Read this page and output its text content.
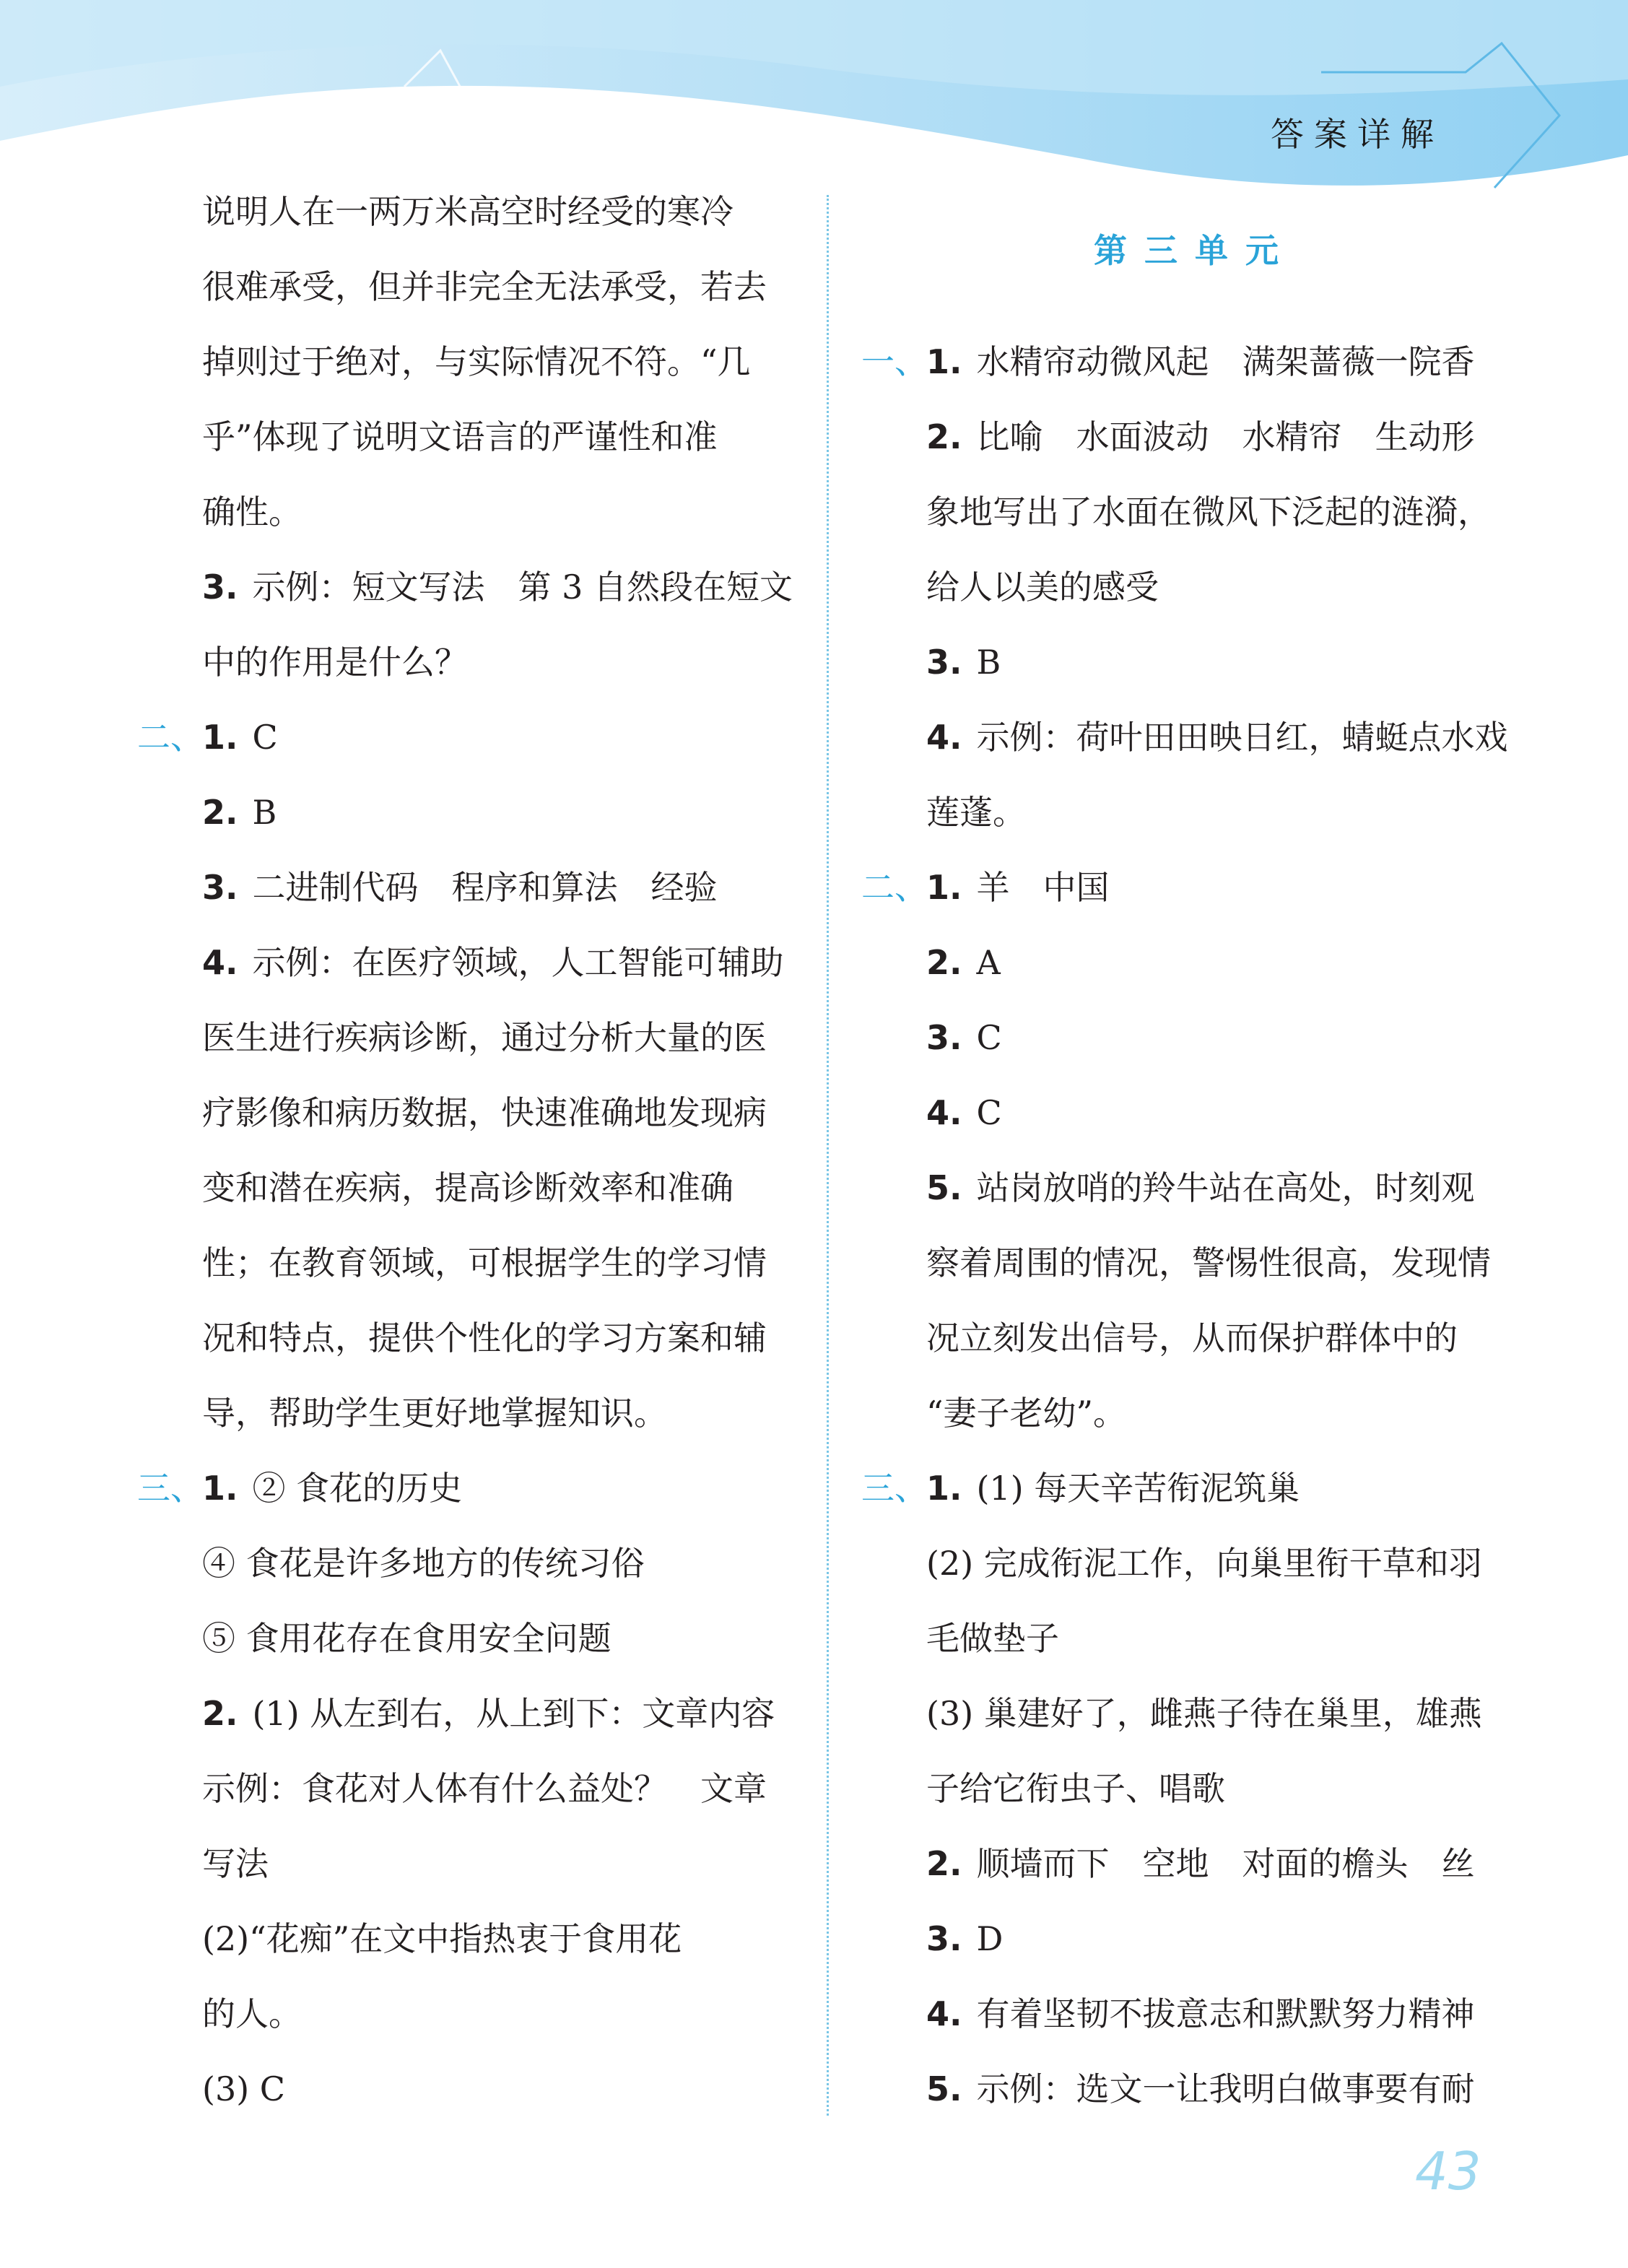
答案详解
说明人在一两万米高空时经受的寒冷
很难承受，但并非完全无法承受，若去
掉则过于绝对，与实际情况不符。“几
乎”体现了说明文语言的严谨性和准
确性。
3. 示例：短文写法　第 3 自然段在短文
中的作用是什么？
二、
1. C
2. B
3. 二进制代码　程序和算法　经验
4. 示例：在医疗领域，人工智能可辅助
医生进行疾病诊断，通过分析大量的医
疗影像和病历数据，快速准确地发现病
变和潜在疾病，提高诊断效率和准确
性；在教育领域，可根据学生的学习情
况和特点，提供个性化的学习方案和辅
导，帮助学生更好地掌握知识。
三、
1. ② 食花的历史
④ 食花是许多地方的传统习俗
⑤ 食用花存在食用安全问题
2. (1) 从左到右，从上到下：文章内容
示例：食花对人体有什么益处？　文章
写法
(2)“花痴”在文中指热衷于食用花
的人。
(3) C
第三单元
一、
1. 水精帘动微风起　满架蔷薇一院香
2. 比喻　水面波动　水精帘　生动形
象地写出了水面在微风下泛起的涟漪，
给人以美的感受
3. B
4. 示例：荷叶田田映日红，蜻蜓点水戏
莲蓬。
二、
1. 羊　中国
2. A
3. C
4. C
5. 站岗放哨的羚牛站在高处，时刻观
察着周围的情况，警惕性很高，发现情
况立刻发出信号，从而保护群体中的
“妻子老幼”。
三、
1. (1) 每天辛苦衔泥筑巢
(2) 完成衔泥工作，向巢里衔干草和羽
毛做垫子
(3) 巢建好了，雌燕子待在巢里，雄燕
子给它衔虫子、唱歌
2. 顺墙而下　空地　对面的檐头　丝
3. D
4. 有着坚韧不拔意志和默默努力精神
5. 示例：选文一让我明白做事要有耐
43
